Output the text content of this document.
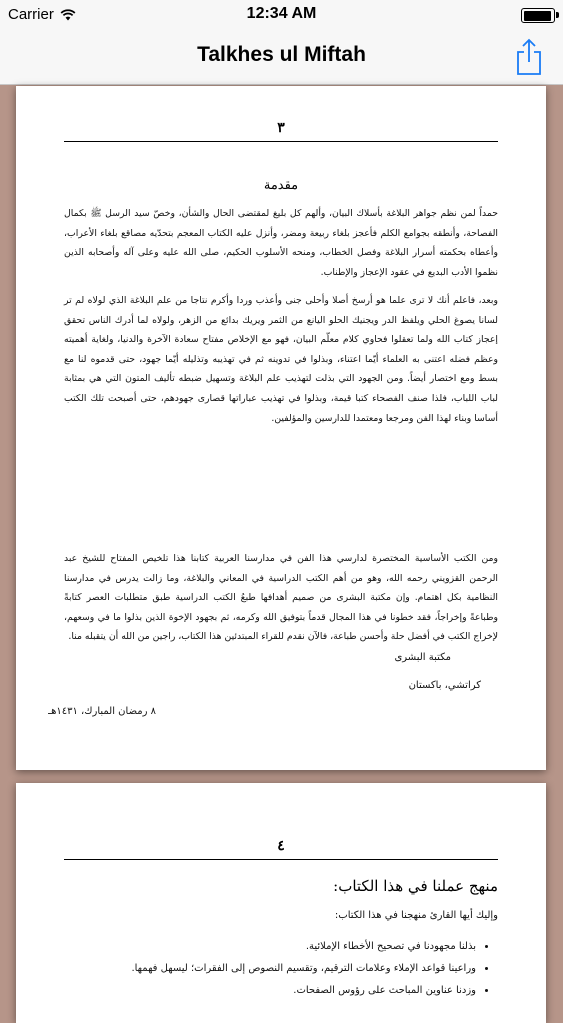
Carrier	12:34 AM
Talkhes ul Miftah
٣
مقدمة
حمداً لمن نظم جواهر البلاغة بأسلاك البيان، وألهم كل بليغ لمقتضى الحال والشأن، وخصّ سيد الرسل ﷺ بكمال الفصاحة، وأنطقه بجوامع الكلم فأعجز بلغاء ربيعة ومضر، وأنزل عليه الكتاب المعجم بتحدّيه مصاقع بلغاء الأعراب، وأعطاه بحكمته أسرار البلاغة وفصل الخطاب، ومنحه الأسلوب الحكيم، صلى الله عليه وعلى آله وأصحابه الذين نظموا الأدب البديع في عقود الإعجاز والإطناب.
وبعد، فاعلم أنك لا ترى علما هو أرسخ أصلا وأحلى جنى وأعذب وردا وأكرم نتاجا من علم البلاغة الذي لولاه لم تر لسانا يصوغ الحلي ويلفظ الدر ويجنيك الحلو اليانع من الثمر ويريك بدائع من الزهر، ولولاه لما أدرك الناس تحقق إعجاز كتاب الله ولما تعقلوا فحاوي كلام معلّم البيان، فهو مع الإخلاص مفتاح سعادة الآخرة والدنيا، ولغاية أهميته وعظم فضله اعتنى به العلماء أيّما اعتناء، وبذلوا في تدوينه ثم في تهذيبه وتذليله أيّما جهود، حتى قدموه لنا مع بسط ومع اختصار أيضاً. ومن الجهود التي بذلت لتهذيب علم البلاغة وتسهيل ضبطه تأليف المتون التي هي بمثابة لباب اللباب، فلذا صنف الفصحاء كتبا قيمة، وبذلوا في تهذيب عباراتها قصارى جهودهم، حتى أصبحت تلك الكتب أساسا وبناء لهذا الفن ومرجعا ومعتمدا للدارسين والمؤلفين.
ومن الكتب الأساسية المختصرة لدارسي هذا الفن في مدارسنا العربية كتابنا هذا تلخيص المفتاح للشيخ عبد الرحمن القزويني رحمه الله، وهو من أهم الكتب الدراسية في المعاني والبلاغة، وما زالت يدرس في مدارسنا النظامية بكل اهتمام. وإن مكتبة البشرى من صميم أهدافها طبعُ الكتب الدراسية طبق متطلبات العصر كتابةً وطباعةً وإخراجاً، فقد خطونا في هذا المجال قدماً بتوفيق الله وكرمه، ثم بجهود الإخوة الذين بذلوا ما في وسعهم، لإخراج الكتب في أفضل حلة وأحسن طباعة، فالآن نقدم للقراء المبتدئين هذا الكتاب، راجين من الله أن يتقبله منا.
مكتبة البشرى
كراتشي، باكستان
٨ رمضان المبارك، ١٤٣١هـ
٤
منهج عملنا في هذا الكتاب:
وإليك أيها القارئ منهجنا في هذا الكتاب:
• بذلنا مجهودنا في تصحيح الأخطاء الإملائية.
• وراعينا قواعد الإملاء وعلامات الترقيم، وتقسيم النصوص إلى الفقرات؛ ليسهل فهمها.
• وزدنا عناوين المباحث على رؤوس الصفحات.
